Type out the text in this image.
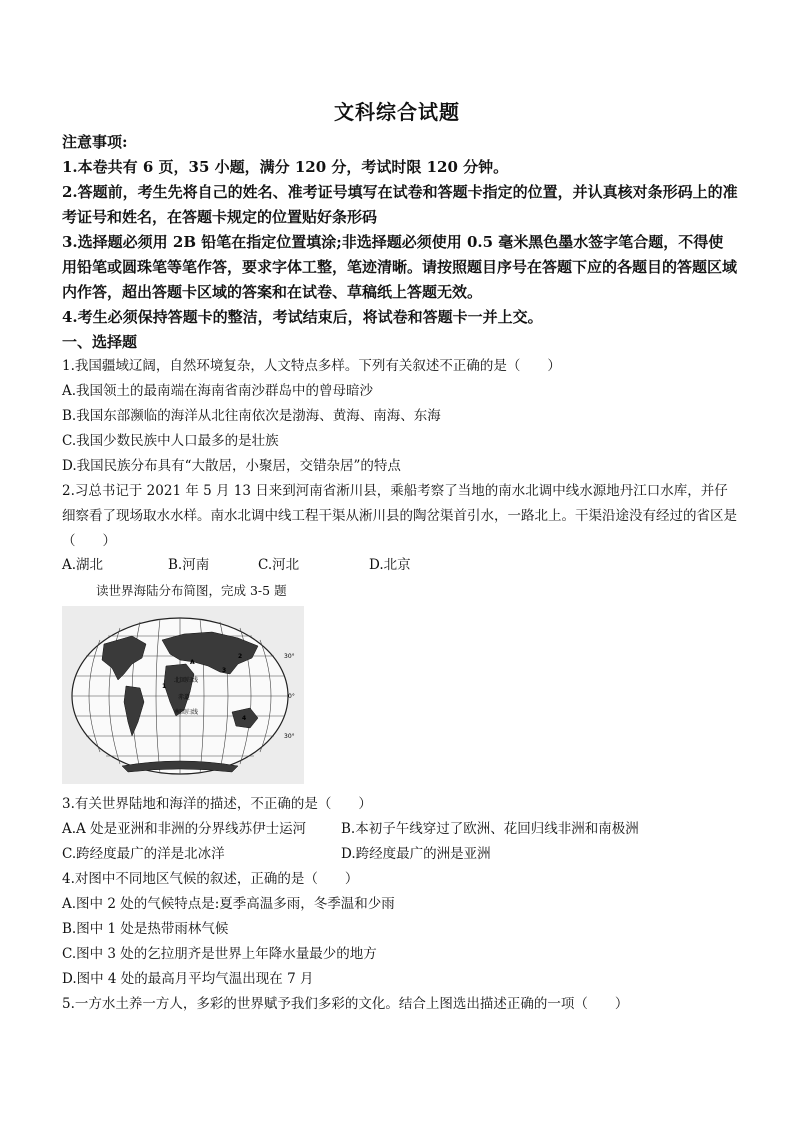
文科综合试题
注意事项:
1.本卷共有 6 页，35 小题，满分 120 分，考试时限 120 分钟。
2.答题前，考生先将自己的姓名、准考证号填写在试卷和答题卡指定的位置，并认真核对条形码上的准考证号和姓名，在答题卡规定的位置贴好条形码
3.选择题必须用 2B 铅笔在指定位置填涂;非选择题必须使用 0.5 毫米黑色墨水签字笔合题，不得使用铅笔或圆珠笔等笔作答，要求字体工整，笔迹清晰。请按照题目序号在答题下应的各题目的答题区域内作答，超出答题卡区域的答案和在试卷、草稿纸上答题无效。
4.考生必须保持答题卡的整洁，考试结束后，将试卷和答题卡一并上交。
一、选择题
1.我国疆域辽阔，自然环境复杂，人文特点多样。下列有关叙述不正确的是（　　）
A.我国领土的最南端在海南省南沙群岛中的曾母暗沙
B.我国东部濒临的海洋从北往南依次是渤海、黄海、南海、东海
C.我国少数民族中人口最多的是壮族
D.我国民族分布具有“大散居，小聚居，交错杂居”的特点
2.习总书记于 2021 年 5 月 13 日来到河南省淅川县，乘船考察了当地的南水北调中线水源地丹江口水库，并仔细察看了现场取水水样。南水北调中线工程干渠从淅川县的陶岔渠首引水，一路北上。干渠沿途没有经过的省区是（　　）
A.湖北	B.河南	C.河北	D.北京
读世界海陆分布简图，完成 3-5 题
北回归线
赤道
南回归线
30°
0°
30°
A
1
2
3
4
3.有关世界陆地和海洋的描述，不正确的是（　　）
A.A 处是亚洲和非洲的分界线苏伊士运河	B.本初子午线穿过了欧洲、花回归线非洲和南极洲
C.跨经度最广的洋是北冰洋	D.跨经度最广的洲是亚洲
4.对图中不同地区气候的叙述，正确的是（　　）
A.图中 2 处的气候特点是:夏季高温多雨，冬季温和少雨
B.图中 1 处是热带雨林气候
C.图中 3 处的乞拉朋齐是世界上年降水量最少的地方
D.图中 4 处的最高月平均气温出现在 7 月
5.一方水土养一方人，多彩的世界赋予我们多彩的文化。结合上图选出描述正确的一项（　　）
